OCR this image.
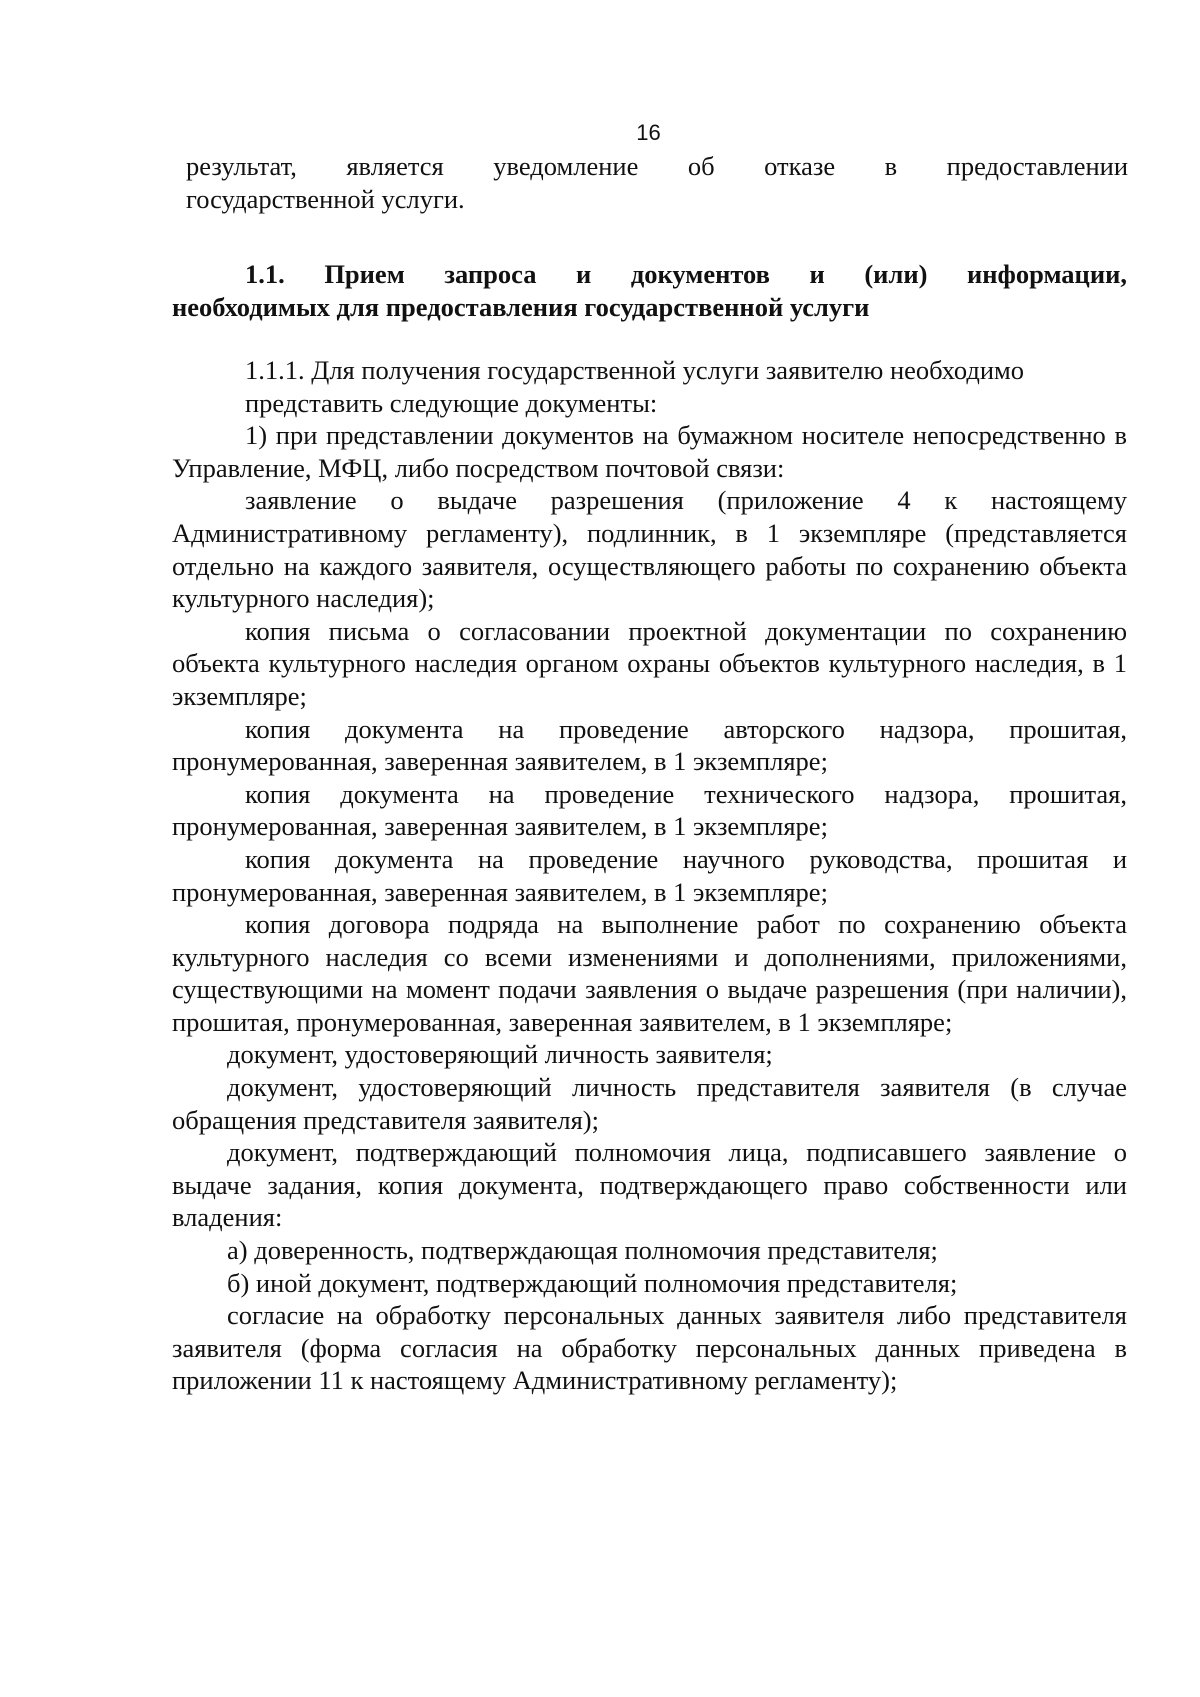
16

результат, является уведомление об отказе в предоставлении

государственной услуги.

1.1. Прием запроса и документов и (или) информации,
необходимых для предоставления государственной услуги

1.1.1. Для получения государственной услуги заявителю необходимо

представить следующие документы:

1) при представлении документов на бумажном носителе непосредственно в Управление, МФЦ, либо посредством почтовой связи:

заявление о выдаче разрешения (приложение 4 к настоящему Административному регламенту), подлинник, в 1 экземпляре (представляется отдельно на каждого заявителя, осуществляющего работы по сохранению объекта культурного наследия);

копия письма о согласовании проектной документации по сохранению объекта культурного наследия органом охраны объектов культурного наследия, в 1 экземпляре;

копия документа на проведение авторского надзора, прошитая, пронумерованная, заверенная заявителем, в 1 экземпляре;

копия документа на проведение технического надзора, прошитая, пронумерованная, заверенная заявителем, в 1 экземпляре;

копия документа на проведение научного руководства, прошитая и пронумерованная, заверенная заявителем, в 1 экземпляре;

копия договора подряда на выполнение работ по сохранению объекта культурного наследия со всеми изменениями и дополнениями, приложениями, существующими на момент подачи заявления о выдаче разрешения (при наличии), прошитая, пронумерованная, заверенная заявителем, в 1 экземпляре;

документ, удостоверяющий личность заявителя;

документ, удостоверяющий личность представителя заявителя (в случае обращения представителя заявителя);

документ, подтверждающий полномочия лица, подписавшего заявление о выдаче задания, копия документа, подтверждающего право собственности или владения:

а) доверенность, подтверждающая полномочия представителя;

б) иной документ, подтверждающий полномочия представителя;

согласие на обработку персональных данных заявителя либо представителя заявителя (форма согласия на обработку персональных данных приведена в приложении 11 к настоящему Административному регламенту);
